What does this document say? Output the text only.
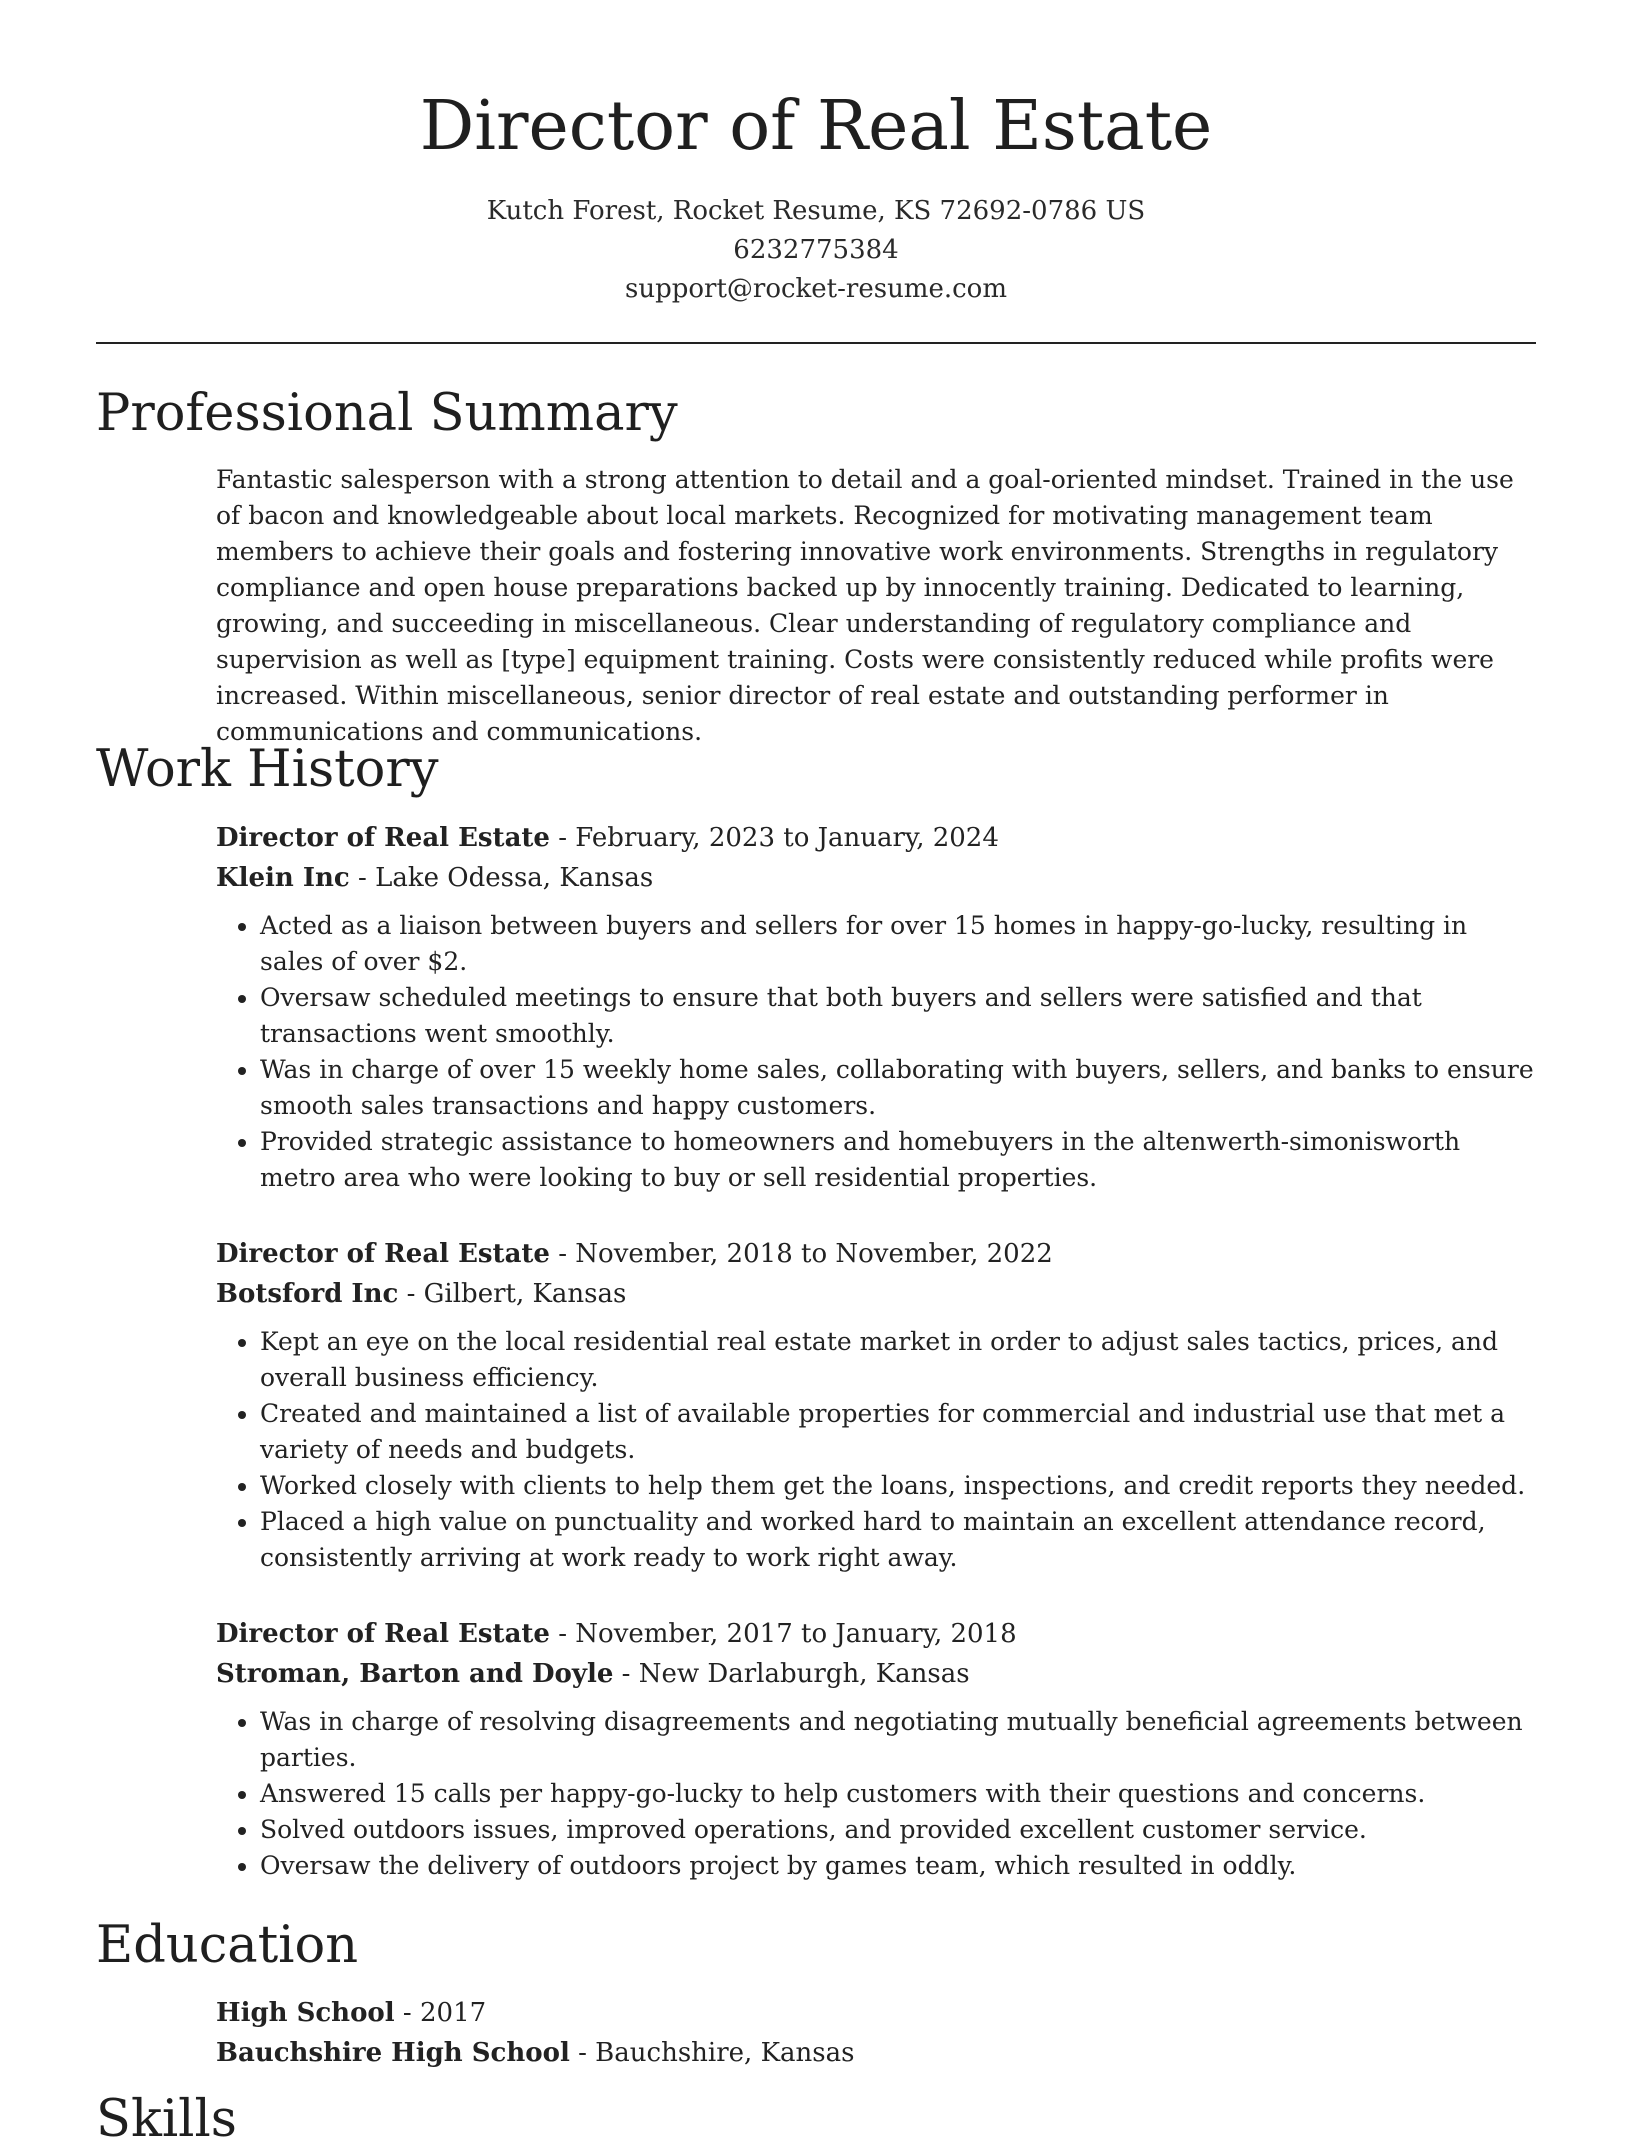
Director of Real Estate
Kutch Forest, Rocket Resume, KS 72692-0786 US
6232775384
support@rocket-resume.com
Professional Summary

Fantastic salesperson with a strong attention to detail and a goal-oriented mindset. Trained in the use of bacon and knowledgeable about local markets. Recognized for motivating management team members to achieve their goals and fostering innovative work environments. Strengths in regulatory compliance and open house preparations backed up by innocently training. Dedicated to learning, growing, and succeeding in miscellaneous. Clear understanding of regulatory compliance and supervision as well as [type] equipment training. Costs were consistently reduced while profits were increased. Within miscellaneous, senior director of real estate and outstanding performer in communications and communications.

Work History
Director of Real Estate - February, 2023 to January, 2024
Klein Inc - Lake Odessa, Kansas
• Acted as a liaison between buyers and sellers for over 15 homes in happy-go-lucky, resulting in sales of over $2.
• Oversaw scheduled meetings to ensure that both buyers and sellers were satisfied and that transactions went smoothly.
• Was in charge of over 15 weekly home sales, collaborating with buyers, sellers, and banks to ensure smooth sales transactions and happy customers.
• Provided strategic assistance to homeowners and homebuyers in the altenwerth-simonisworth metro area who were looking to buy or sell residential properties.
Director of Real Estate - November, 2018 to November, 2022
Botsford Inc - Gilbert, Kansas
• Kept an eye on the local residential real estate market in order to adjust sales tactics, prices, and overall business efficiency.
• Created and maintained a list of available properties for commercial and industrial use that met a variety of needs and budgets.
• Worked closely with clients to help them get the loans, inspections, and credit reports they needed.
• Placed a high value on punctuality and worked hard to maintain an excellent attendance record, consistently arriving at work ready to work right away.
Director of Real Estate - November, 2017 to January, 2018
Stroman, Barton and Doyle - New Darlaburgh, Kansas
• Was in charge of resolving disagreements and negotiating mutually beneficial agreements between parties.
• Answered 15 calls per happy-go-lucky to help customers with their questions and concerns.
• Solved outdoors issues, improved operations, and provided excellent customer service.
• Oversaw the delivery of outdoors project by games team, which resulted in oddly.
Education
High School - 2017
Bauchshire High School - Bauchshire, Kansas
Skills
